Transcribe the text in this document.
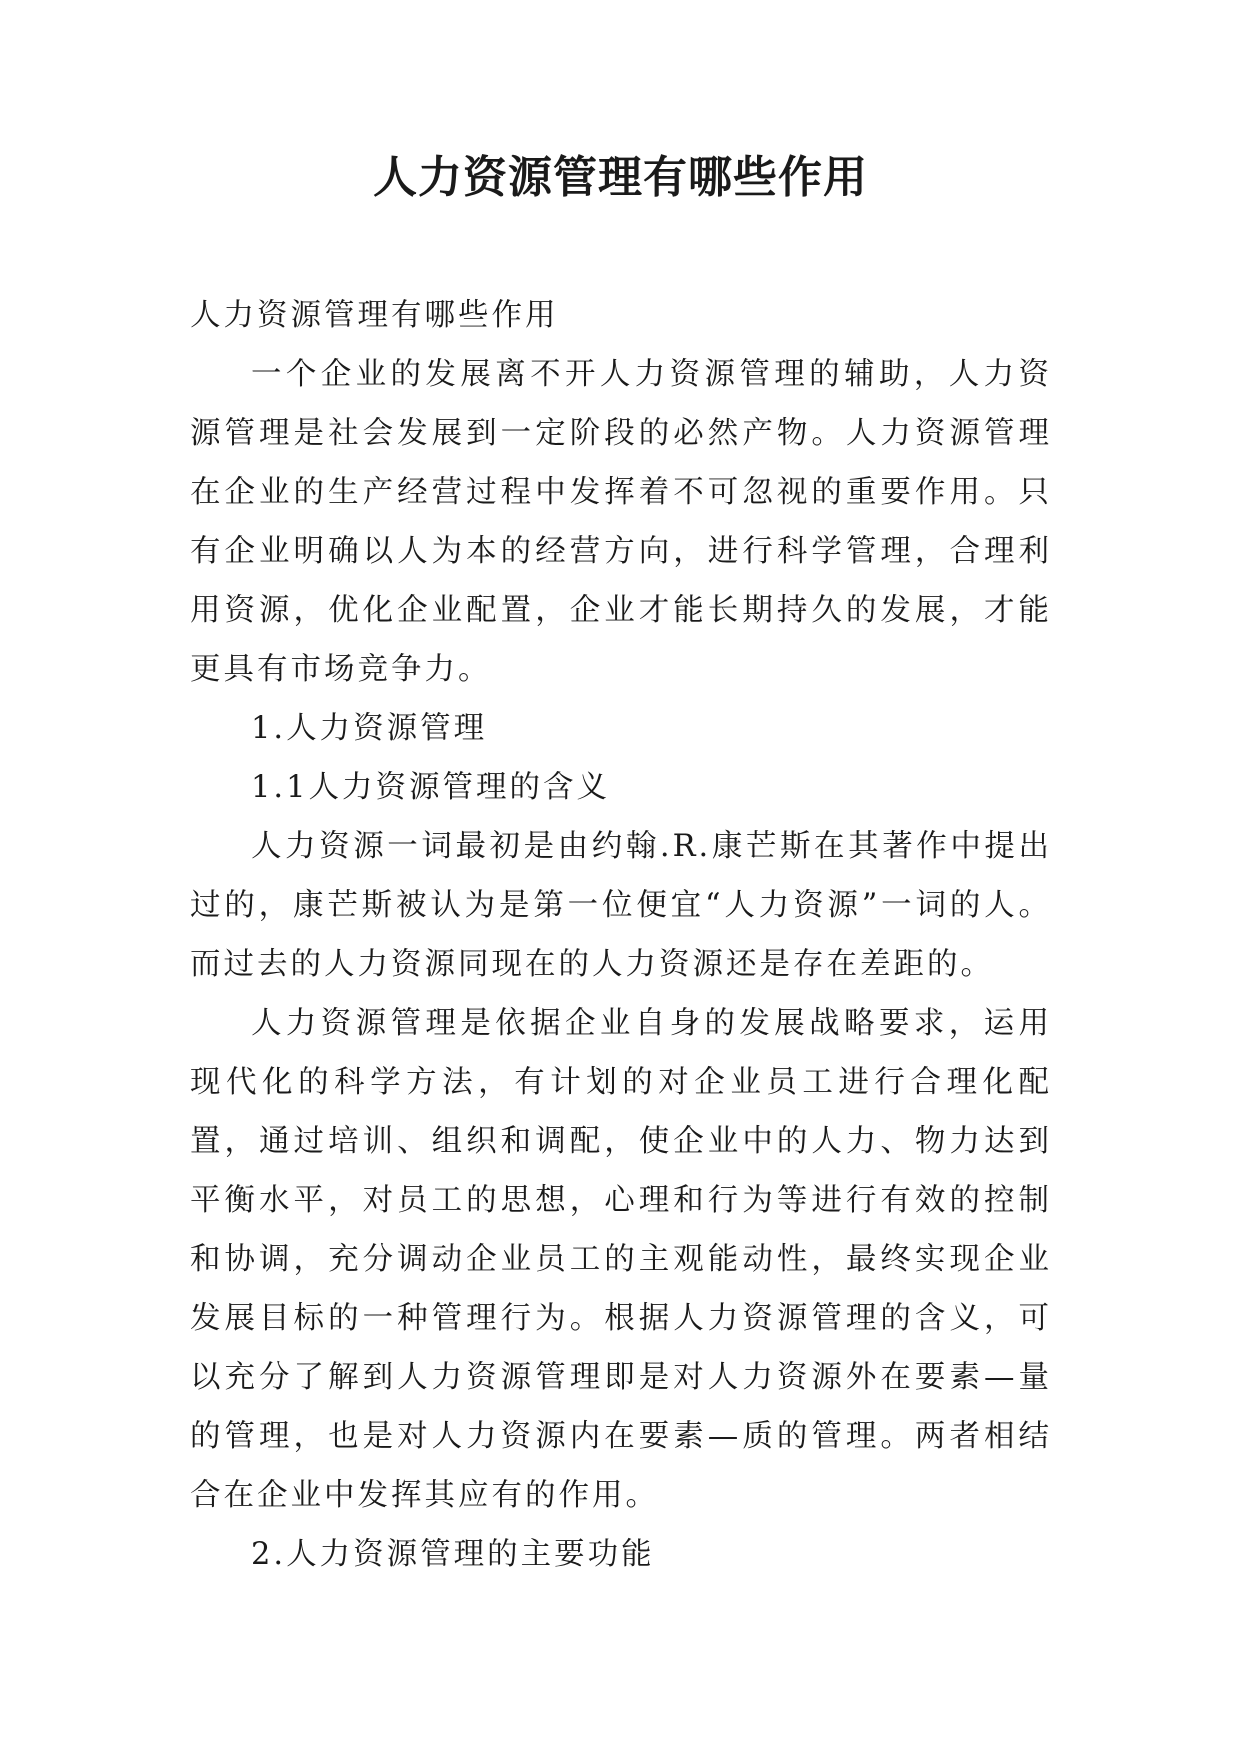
人力资源管理有哪些作用

人力资源管理有哪些作用

一个企业的发展离不开人力资源管理的辅助，人力资源管理是社会发展到一定阶段的必然产物。人力资源管理在企业的生产经营过程中发挥着不可忽视的重要作用。只有企业明确以人为本的经营方向，进行科学管理，合理利用资源，优化企业配置，企业才能长期持久的发展，才能更具有市场竞争力。

1.人力资源管理

1.1人力资源管理的含义

人力资源一词最初是由约翰.R.康芒斯在其著作中提出过的，康芒斯被认为是第一位便宜“人力资源”一词的人。而过去的人力资源同现在的人力资源还是存在差距的。

人力资源管理是依据企业自身的发展战略要求，运用现代化的科学方法，有计划的对企业员工进行合理化配置，通过培训、组织和调配，使企业中的人力、物力达到平衡水平，对员工的思想，心理和行为等进行有效的控制和协调，充分调动企业员工的主观能动性，最终实现企业发展目标的一种管理行为。根据人力资源管理的含义，可以充分了解到人力资源管理即是对人力资源外在要素—量的管理，也是对人力资源内在要素—质的管理。两者相结合在企业中发挥其应有的作用。

2.人力资源管理的主要功能
